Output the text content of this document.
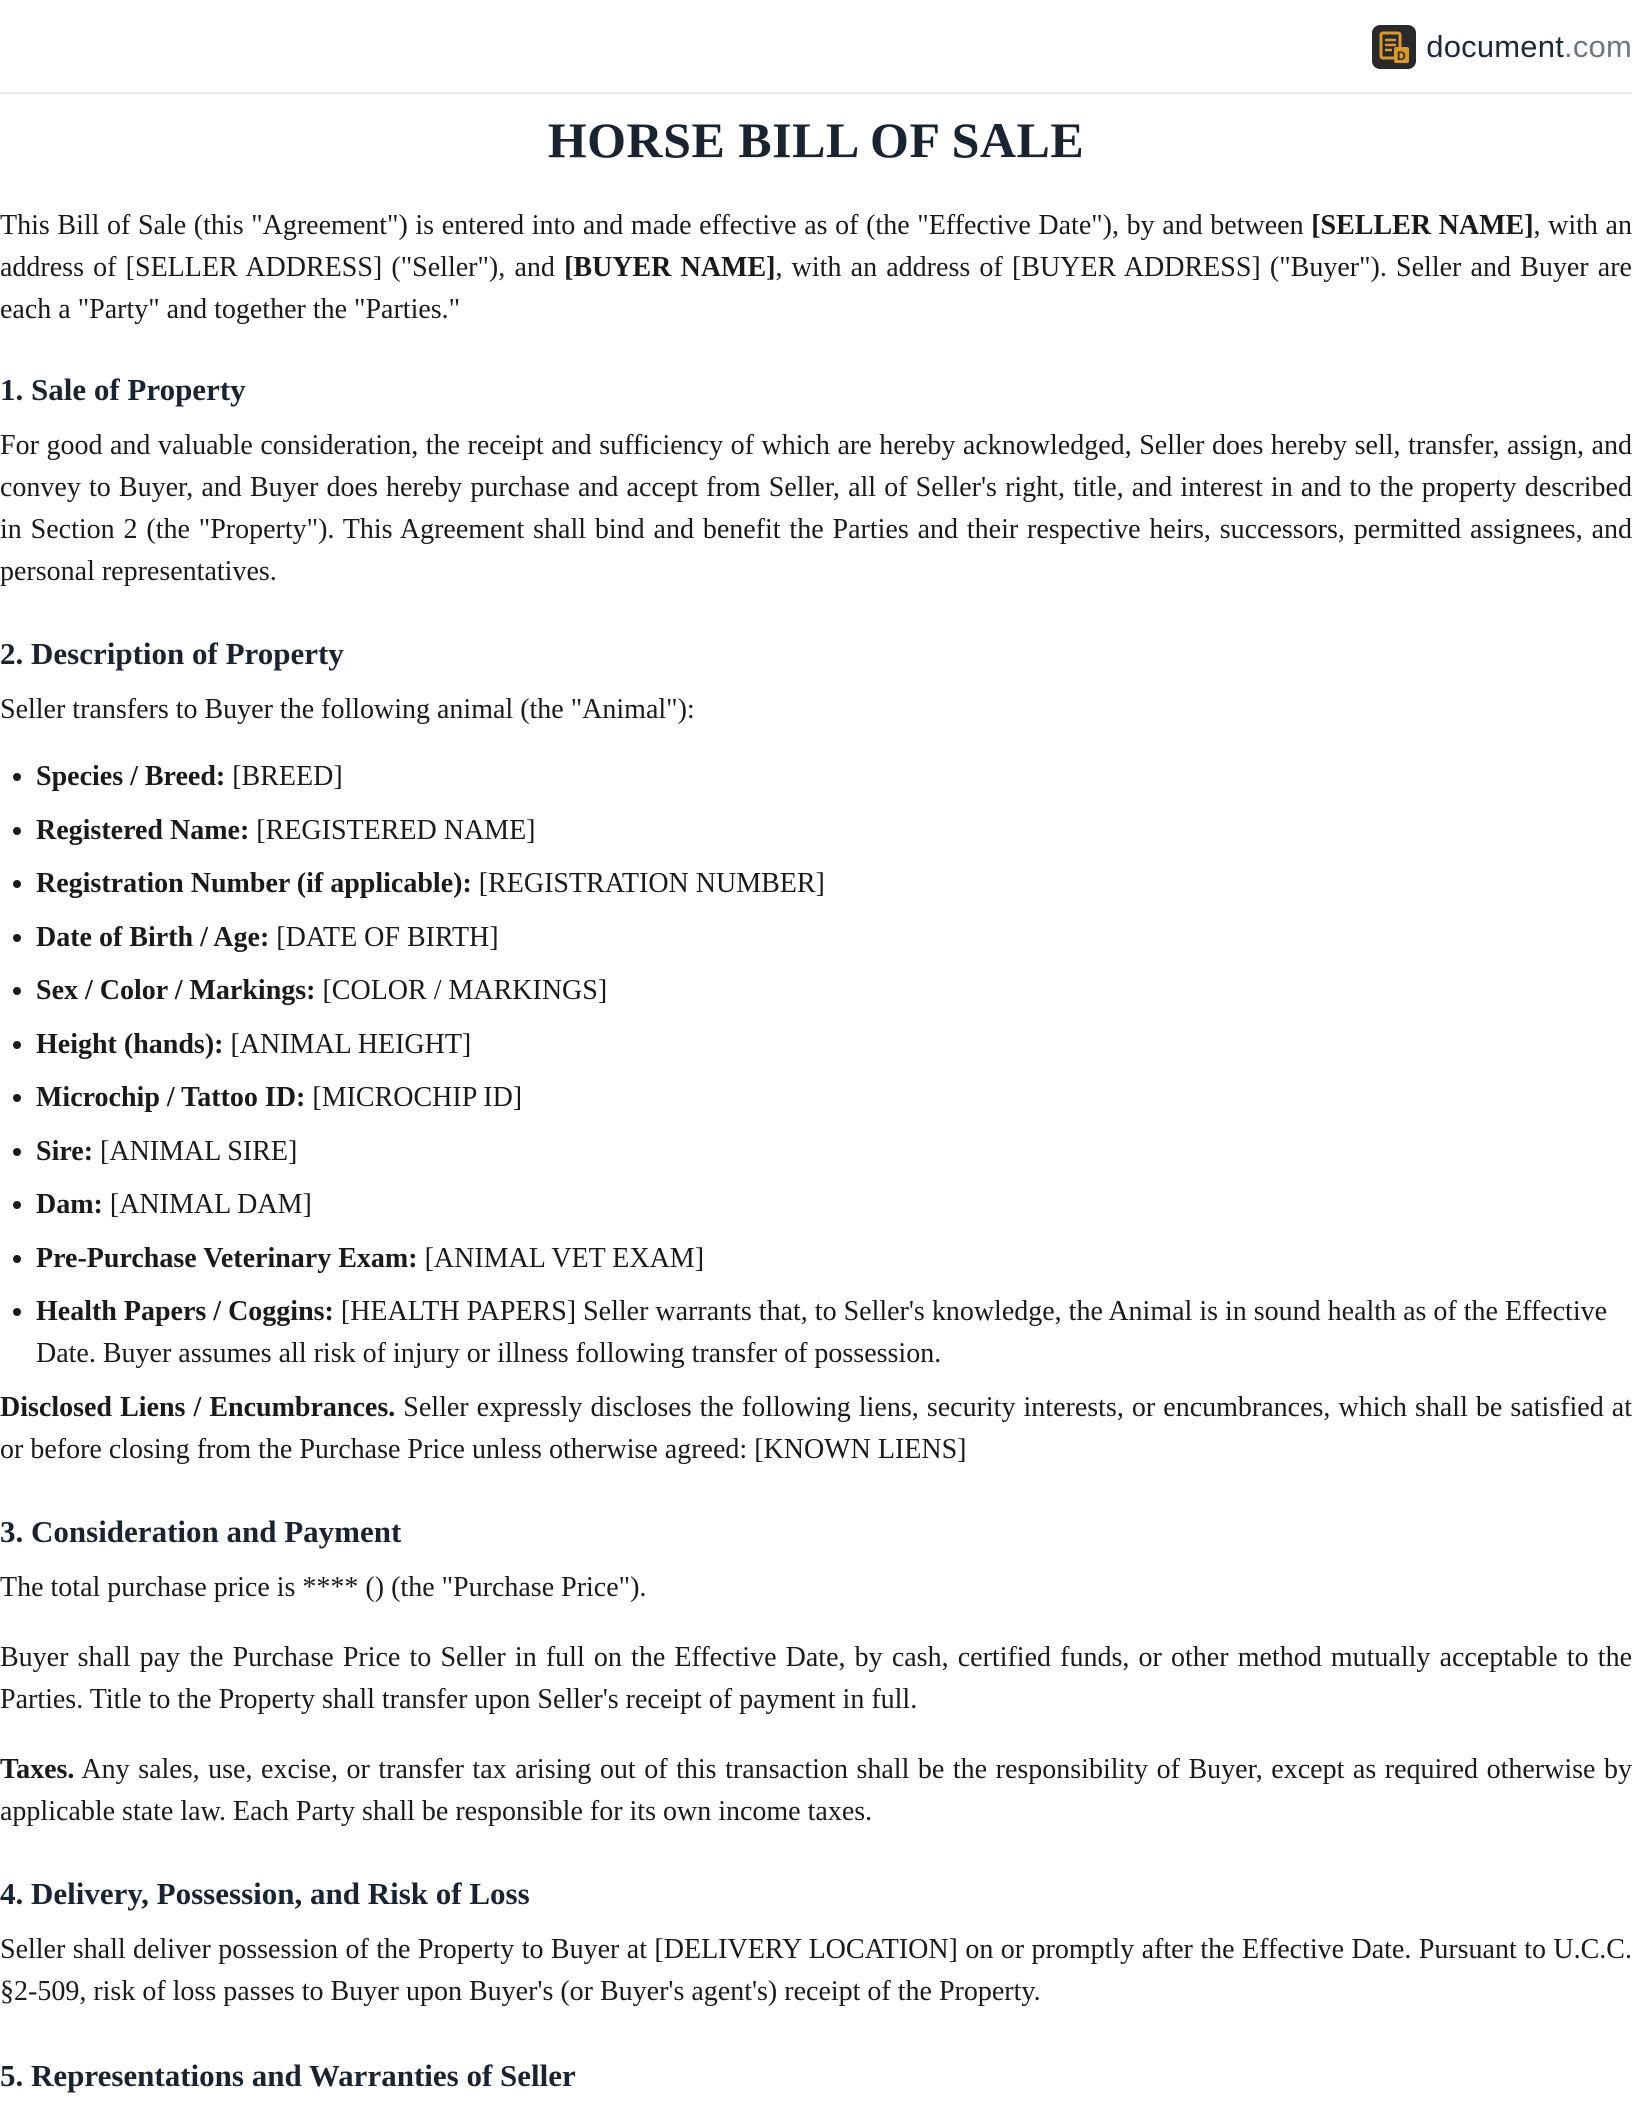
D document.com
HORSE BILL OF SALE

This Bill of Sale (this "Agreement") is entered into and made effective as of (the "Effective Date"), by and between [SELLER NAME], with an address of [SELLER ADDRESS] ("Seller"), and [BUYER NAME], with an address of [BUYER ADDRESS] ("Buyer"). Seller and Buyer are each a "Party" and together the "Parties."

1. Sale of Property

For good and valuable consideration, the receipt and sufficiency of which are hereby acknowledged, Seller does hereby sell, transfer, assign, and convey to Buyer, and Buyer does hereby purchase and accept from Seller, all of Seller's right, title, and interest in and to the property described in Section 2 (the "Property"). This Agreement shall bind and benefit the Parties and their respective heirs, successors, permitted assignees, and personal representatives.

2. Description of Property

Seller transfers to Buyer the following animal (the "Animal"):

• Species / Breed: [BREED]
• Registered Name: [REGISTERED NAME]
• Registration Number (if applicable): [REGISTRATION NUMBER]
• Date of Birth / Age: [DATE OF BIRTH]
• Sex / Color / Markings: [COLOR / MARKINGS]
• Height (hands): [ANIMAL HEIGHT]
• Microchip / Tattoo ID: [MICROCHIP ID]
• Sire: [ANIMAL SIRE]
• Dam: [ANIMAL DAM]
• Pre-Purchase Veterinary Exam: [ANIMAL VET EXAM]
• Health Papers / Coggins: [HEALTH PAPERS] Seller warrants that, to Seller's knowledge, the Animal is in sound health as of the Effective Date. Buyer assumes all risk of injury or illness following transfer of possession.

Disclosed Liens / Encumbrances. Seller expressly discloses the following liens, security interests, or encumbrances, which shall be satisfied at or before closing from the Purchase Price unless otherwise agreed: [KNOWN LIENS]

3. Consideration and Payment

The total purchase price is **** () (the "Purchase Price").

Buyer shall pay the Purchase Price to Seller in full on the Effective Date, by cash, certified funds, or other method mutually acceptable to the Parties. Title to the Property shall transfer upon Seller's receipt of payment in full.

Taxes. Any sales, use, excise, or transfer tax arising out of this transaction shall be the responsibility of Buyer, except as required otherwise by applicable state law. Each Party shall be responsible for its own income taxes.

4. Delivery, Possession, and Risk of Loss

Seller shall deliver possession of the Property to Buyer at [DELIVERY LOCATION] on or promptly after the Effective Date. Pursuant to U.C.C. §2-509, risk of loss passes to Buyer upon Buyer's (or Buyer's agent's) receipt of the Property.

5. Representations and Warranties of Seller
